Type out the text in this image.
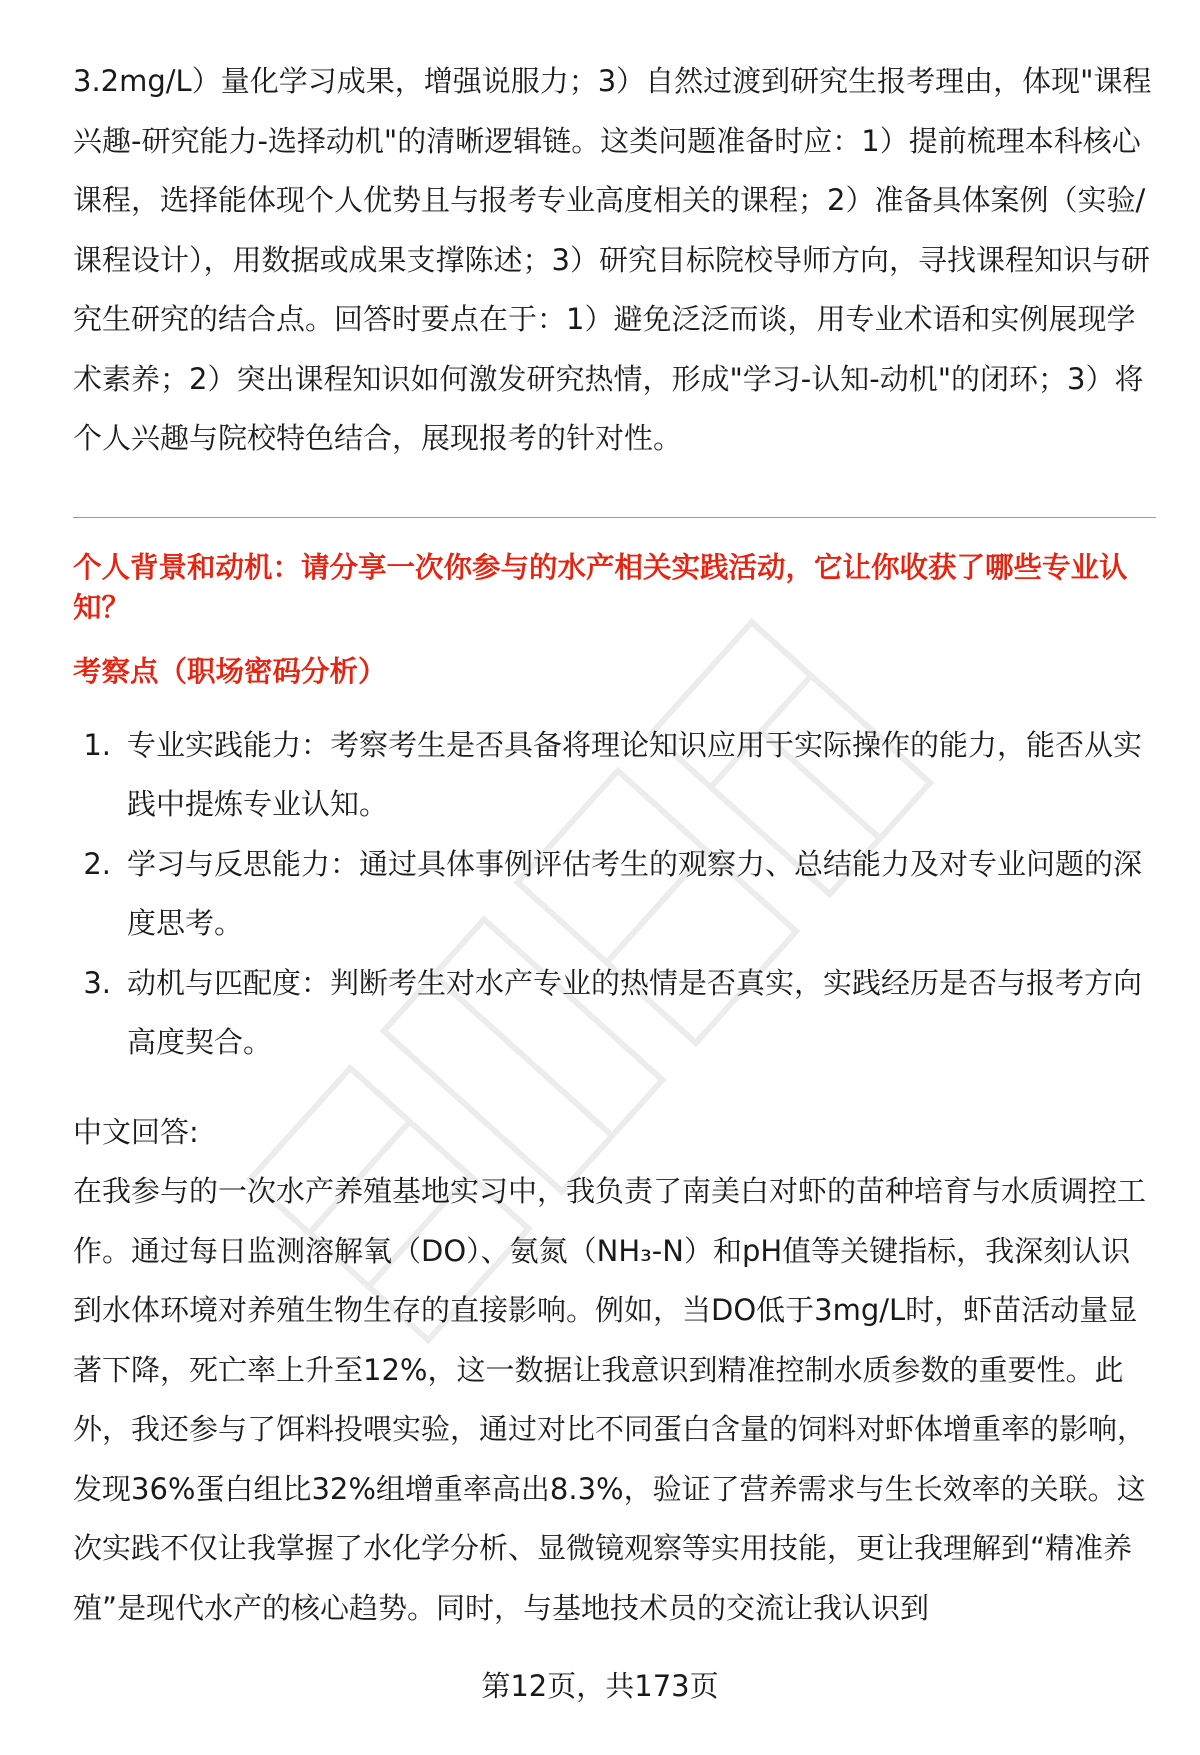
3.2mg/L）量化学习成果，增强说服力；3）自然过渡到研究生报考理由，体现"课程兴趣-研究能力-选择动机"的清晰逻辑链。这类问题准备时应：1）提前梳理本科核心课程，选择能体现个人优势且与报考专业高度相关的课程；2）准备具体案例（实验/课程设计），用数据或成果支撑陈述；3）研究目标院校导师方向，寻找课程知识与研究生研究的结合点。回答时要点在于：1）避免泛泛而谈，用专业术语和实例展现学术素养；2）突出课程知识如何激发研究热情，形成"学习-认知-动机"的闭环；3）将个人兴趣与院校特色结合，展现报考的针对性。

个人背景和动机：请分享一次你参与的水产相关实践活动，它让你收获了哪些专业认知？

考察点（职场密码分析）

1. 专业实践能力：考察考生是否具备将理论知识应用于实际操作的能力，能否从实践中提炼专业认知。
2. 学习与反思能力：通过具体事例评估考生的观察力、总结能力及对专业问题的深度思考。
3. 动机与匹配度：判断考生对水产专业的热情是否真实，实践经历是否与报考方向高度契合。

中文回答:

在我参与的一次水产养殖基地实习中，我负责了南美白对虾的苗种培育与水质调控工作。通过每日监测溶解氧（DO）、氨氮（NH₃-N）和pH值等关键指标，我深刻认识到水体环境对养殖生物生存的直接影响。例如，当DO低于3mg/L时，虾苗活动量显著下降，死亡率上升至12%，这一数据让我意识到精准控制水质参数的重要性。此外，我还参与了饵料投喂实验，通过对比不同蛋白含量的饲料对虾体增重率的影响，发现36%蛋白组比32%组增重率高出8.3%，验证了营养需求与生长效率的关联。这次实践不仅让我掌握了水化学分析、显微镜观察等实用技能，更让我理解到“精准养殖”是现代水产的核心趋势。同时，与基地技术员的交流让我认识到

第12页，共173页
